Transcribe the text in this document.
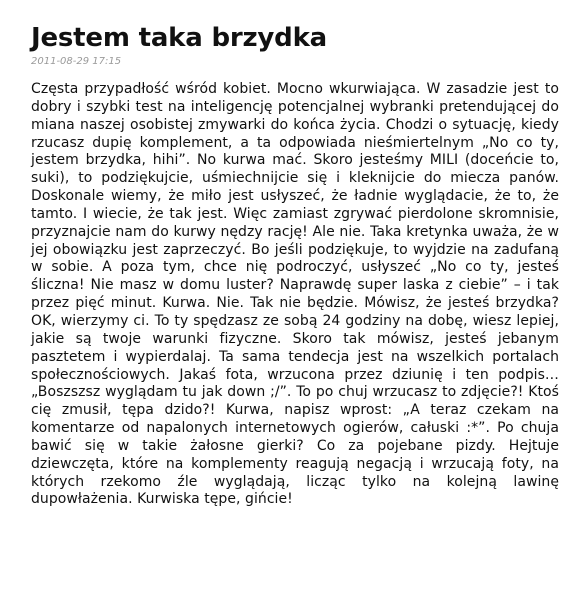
Jestem taka brzydka
2011-08-29 17:15
Częsta przypadłość wśród kobiet. Mocno wkurwiająca. W zasadzie jest to dobry i szybki test na inteligencję potencjalnej wybranki pretendującej do miana naszej osobistej zmywarki do końca życia. Chodzi o sytuację, kiedy rzucasz dupię komplement, a ta odpowiada nieśmiertelnym „No co ty, jestem brzydka, hihi”. No kurwa mać. Skoro jesteśmy MILI (doceńcie to, suki), to podziękujcie, uśmiechnijcie się i kleknijcie do miecza panów. Doskonale wiemy, że miło jest usłyszeć, że ładnie wyglądacie, że to, że tamto. I wiecie, że tak jest. Więc zamiast zgrywać pierdolone skromnisie, przyznajcie nam do kurwy nędzy rację! Ale nie. Taka kretynka uważa, że w jej obowiązku jest zaprzeczyć. Bo jeśli podziękuje, to wyjdzie na zadufaną w sobie. A poza tym, chce nię podroczyć, usłyszeć „No co ty, jesteś śliczna! Nie masz w domu luster? Naprawdę super laska z ciebie” – i tak przez pięć minut. Kurwa. Nie. Tak nie będzie. Mówisz, że jesteś brzydka? OK, wierzymy ci. To ty spędzasz ze sobą 24 godziny na dobę, wiesz lepiej, jakie są twoje warunki fizyczne. Skoro tak mówisz, jesteś jebanym pasztetem i wypierdalaj. Ta sama tendecja jest na wszelkich portalach społecznościowych. Jakaś fota, wrzucona przez dziunię i ten podpis… „Boszszsz wyglądam tu jak down ;/”. To po chuj wrzucasz to zdjęcie?! Ktoś cię zmusił, tępa dzido?! Kurwa, napisz wprost: „A teraz czekam na komentarze od napalonych internetowych ogierów, całuski :*”. Po chuja bawić się w takie żałosne gierki? Co za pojebane pizdy. Hejtuje dziewczęta, które na komplementy reagują negacją i wrzucają foty, na których rzekomo źle wyglądają, licząc tylko na kolejną lawinę dupowłażenia. Kurwiska tępe, gińcie!
